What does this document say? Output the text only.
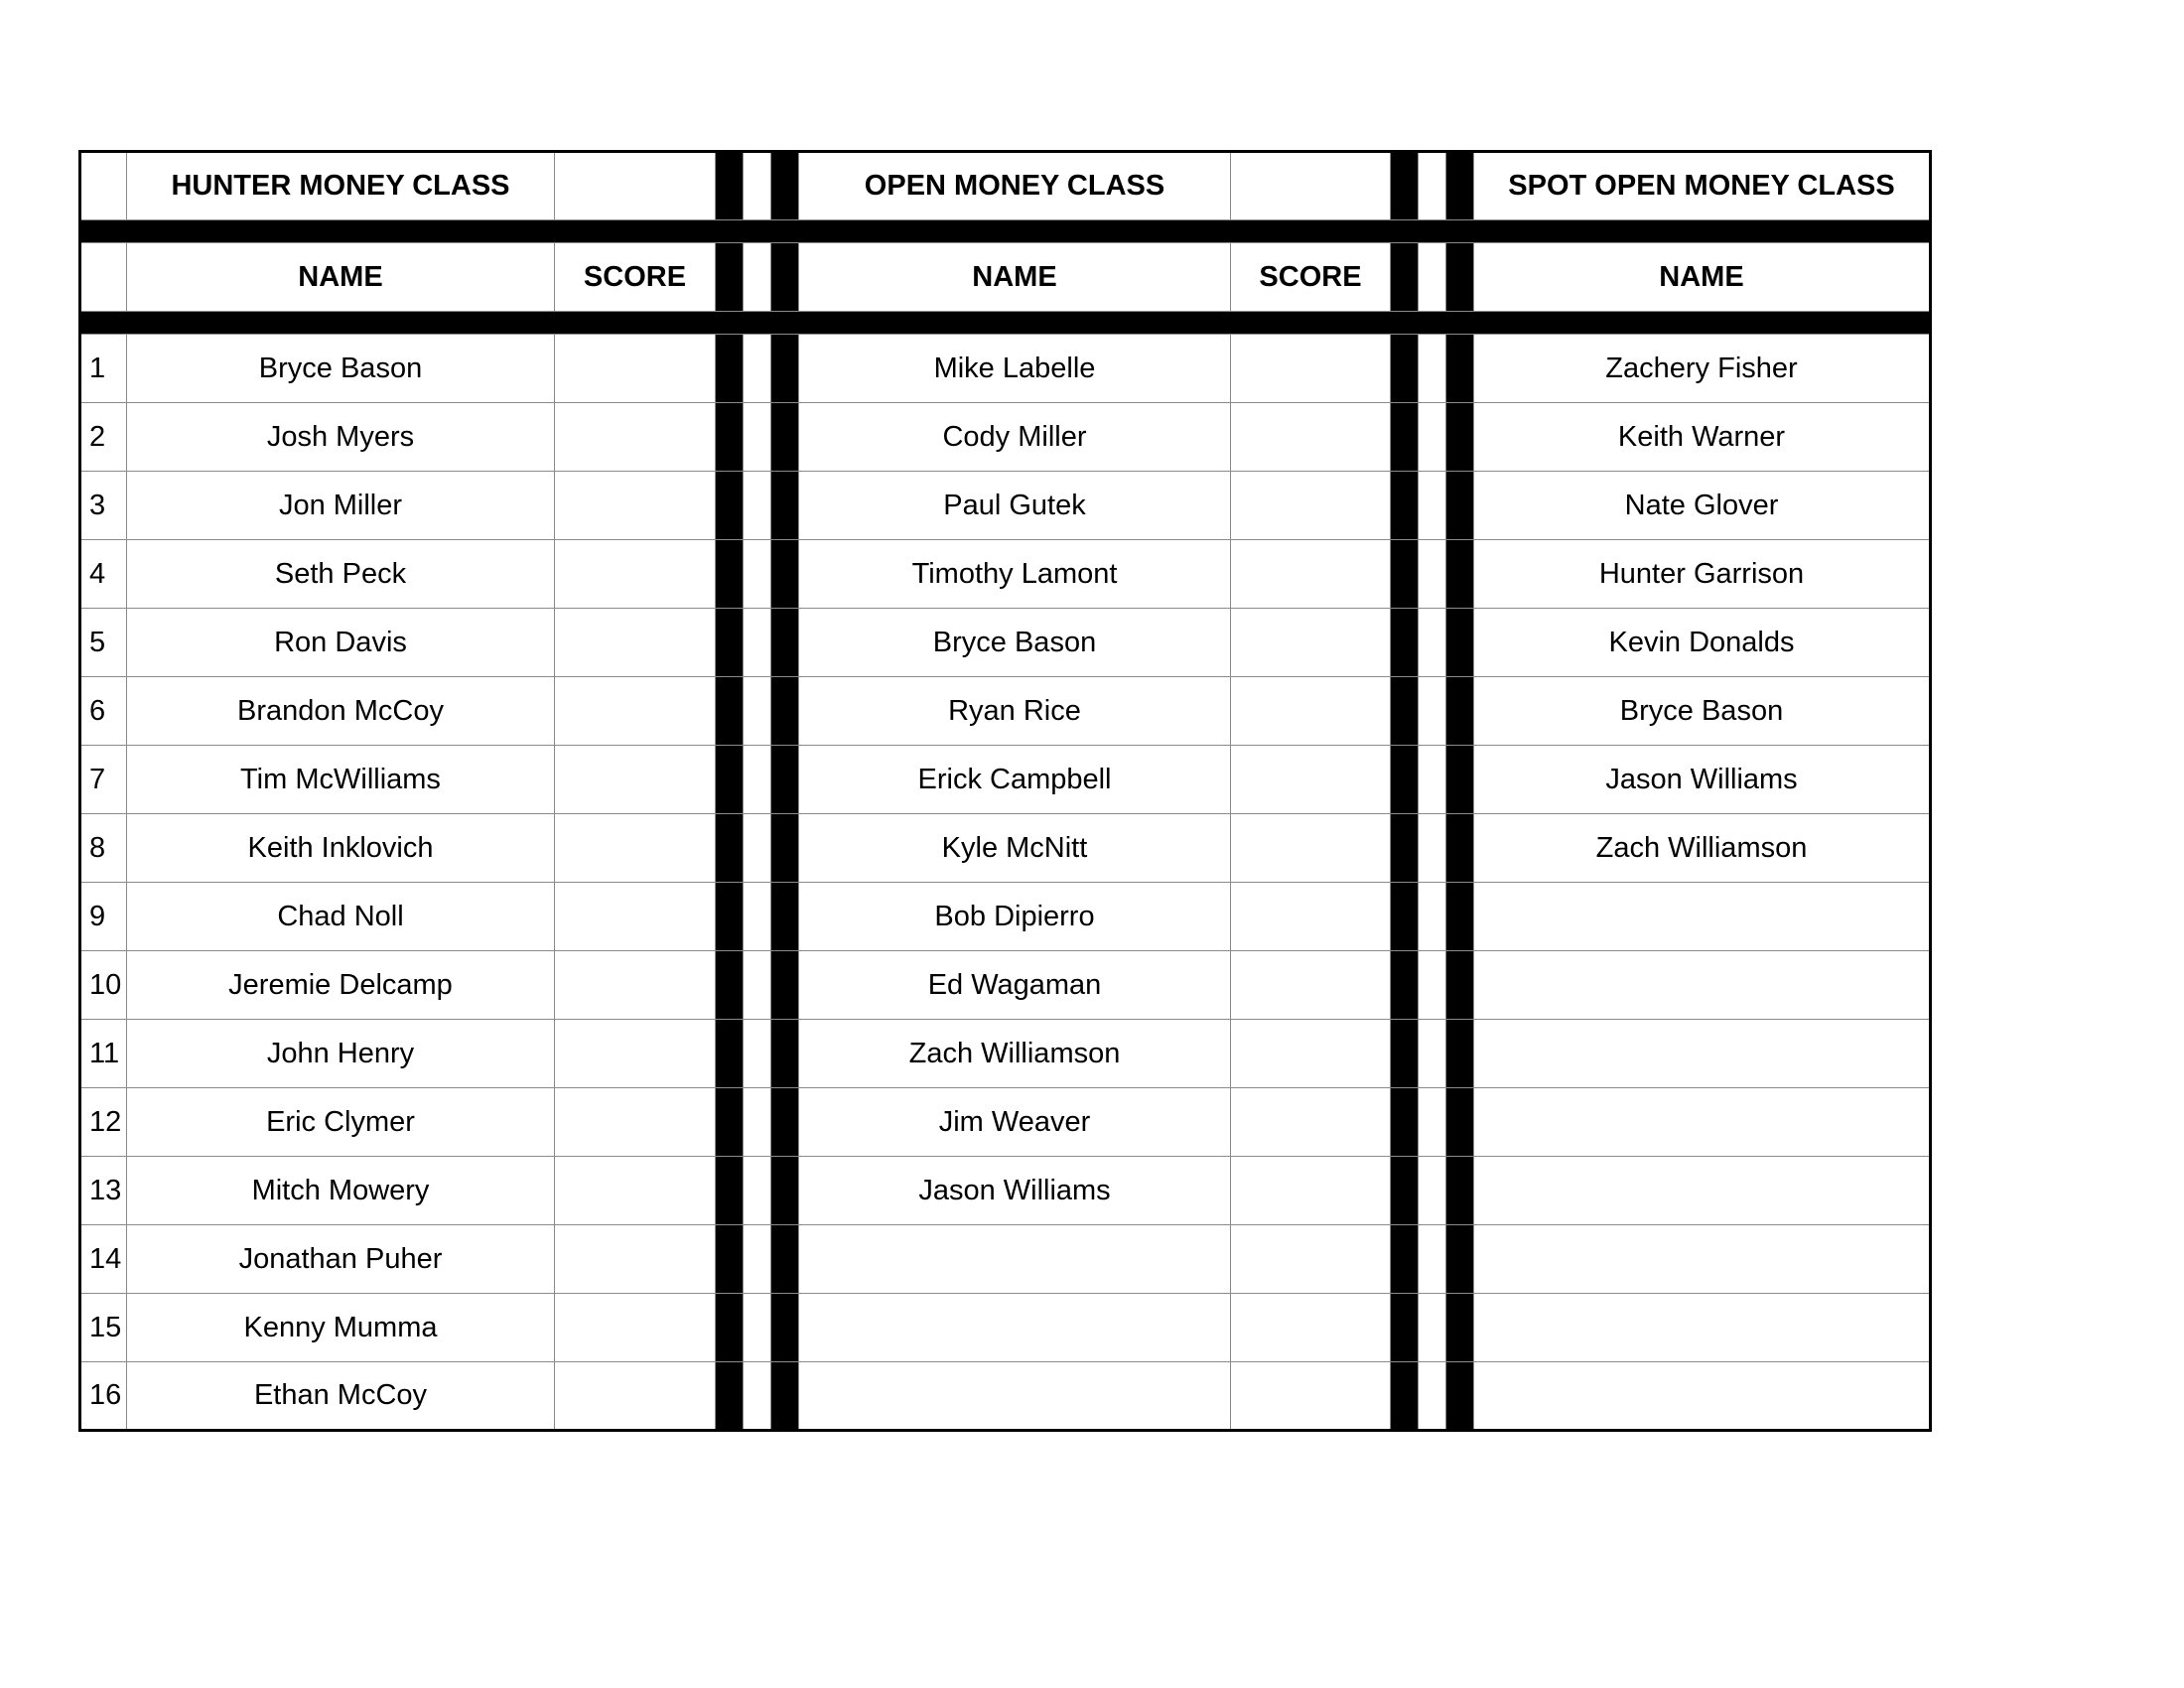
	HUNTER MONEY CLASS					OPEN MONEY CLASS					SPOT OPEN MONEY CLASS

	NAME	SCORE				NAME	SCORE				NAME

1	Bryce Bason					Mike Labelle					Zachery Fisher
2	Josh Myers					Cody Miller					Keith Warner
3	Jon Miller					Paul Gutek					Nate Glover
4	Seth Peck					Timothy Lamont					Hunter Garrison
5	Ron Davis					Bryce Bason					Kevin Donalds
6	Brandon McCoy					Ryan Rice					Bryce Bason
7	Tim McWilliams					Erick Campbell					Jason Williams
8	Keith Inklovich					Kyle McNitt					Zach Williamson
9	Chad Noll					Bob Dipierro					
10	Jeremie Delcamp					Ed Wagaman					
11	John Henry					Zach Williamson					
12	Eric Clymer					Jim Weaver					
13	Mitch Mowery					Jason Williams					
14	Jonathan Puher										
15	Kenny Mumma										
16	Ethan McCoy										
